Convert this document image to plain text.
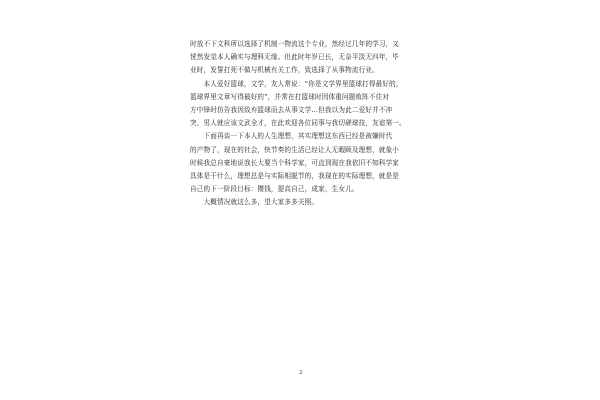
时放不下文科所以选择了机制一物流这个专业，然经过几年的学习，又
恍然发觉本人确实与理科无缘。但此时年岁已长，无奈平淡无四年，毕
业时，发誓打死不做与机械有关工作，致选择了从事物流行业。

　　本人爱好篮球，文学，友人常说：“你是文学界里篮球打得最好的，
篮球界里文章写得最好的”，并常在打篮球时因体重问题败阵不住对
方中锋时仿告我因致弃篮球而去从事文学…但我以为此二爱好并不冲
突，男人就应该文武全才，在此欢迎各位同事与我切磋球技，友谊第一。

　　下面再谈一下本人的人生理想，其实理想这东西已经是被嫌时代
的产物了，现在的社会，快节奏的生活已经让人无暇顾及理想，就象小
时候我总自豪地说我长大要当个科学家，可直到现在我依旧不知科学家
具体是干什么，理想总是与实际相脱节的，我现在的实际理想，就是是
自己的下一阶段目标：攒钱，提高自己，成家，生女儿。

　　大概情况就这么多，望大家多多关照。

2
